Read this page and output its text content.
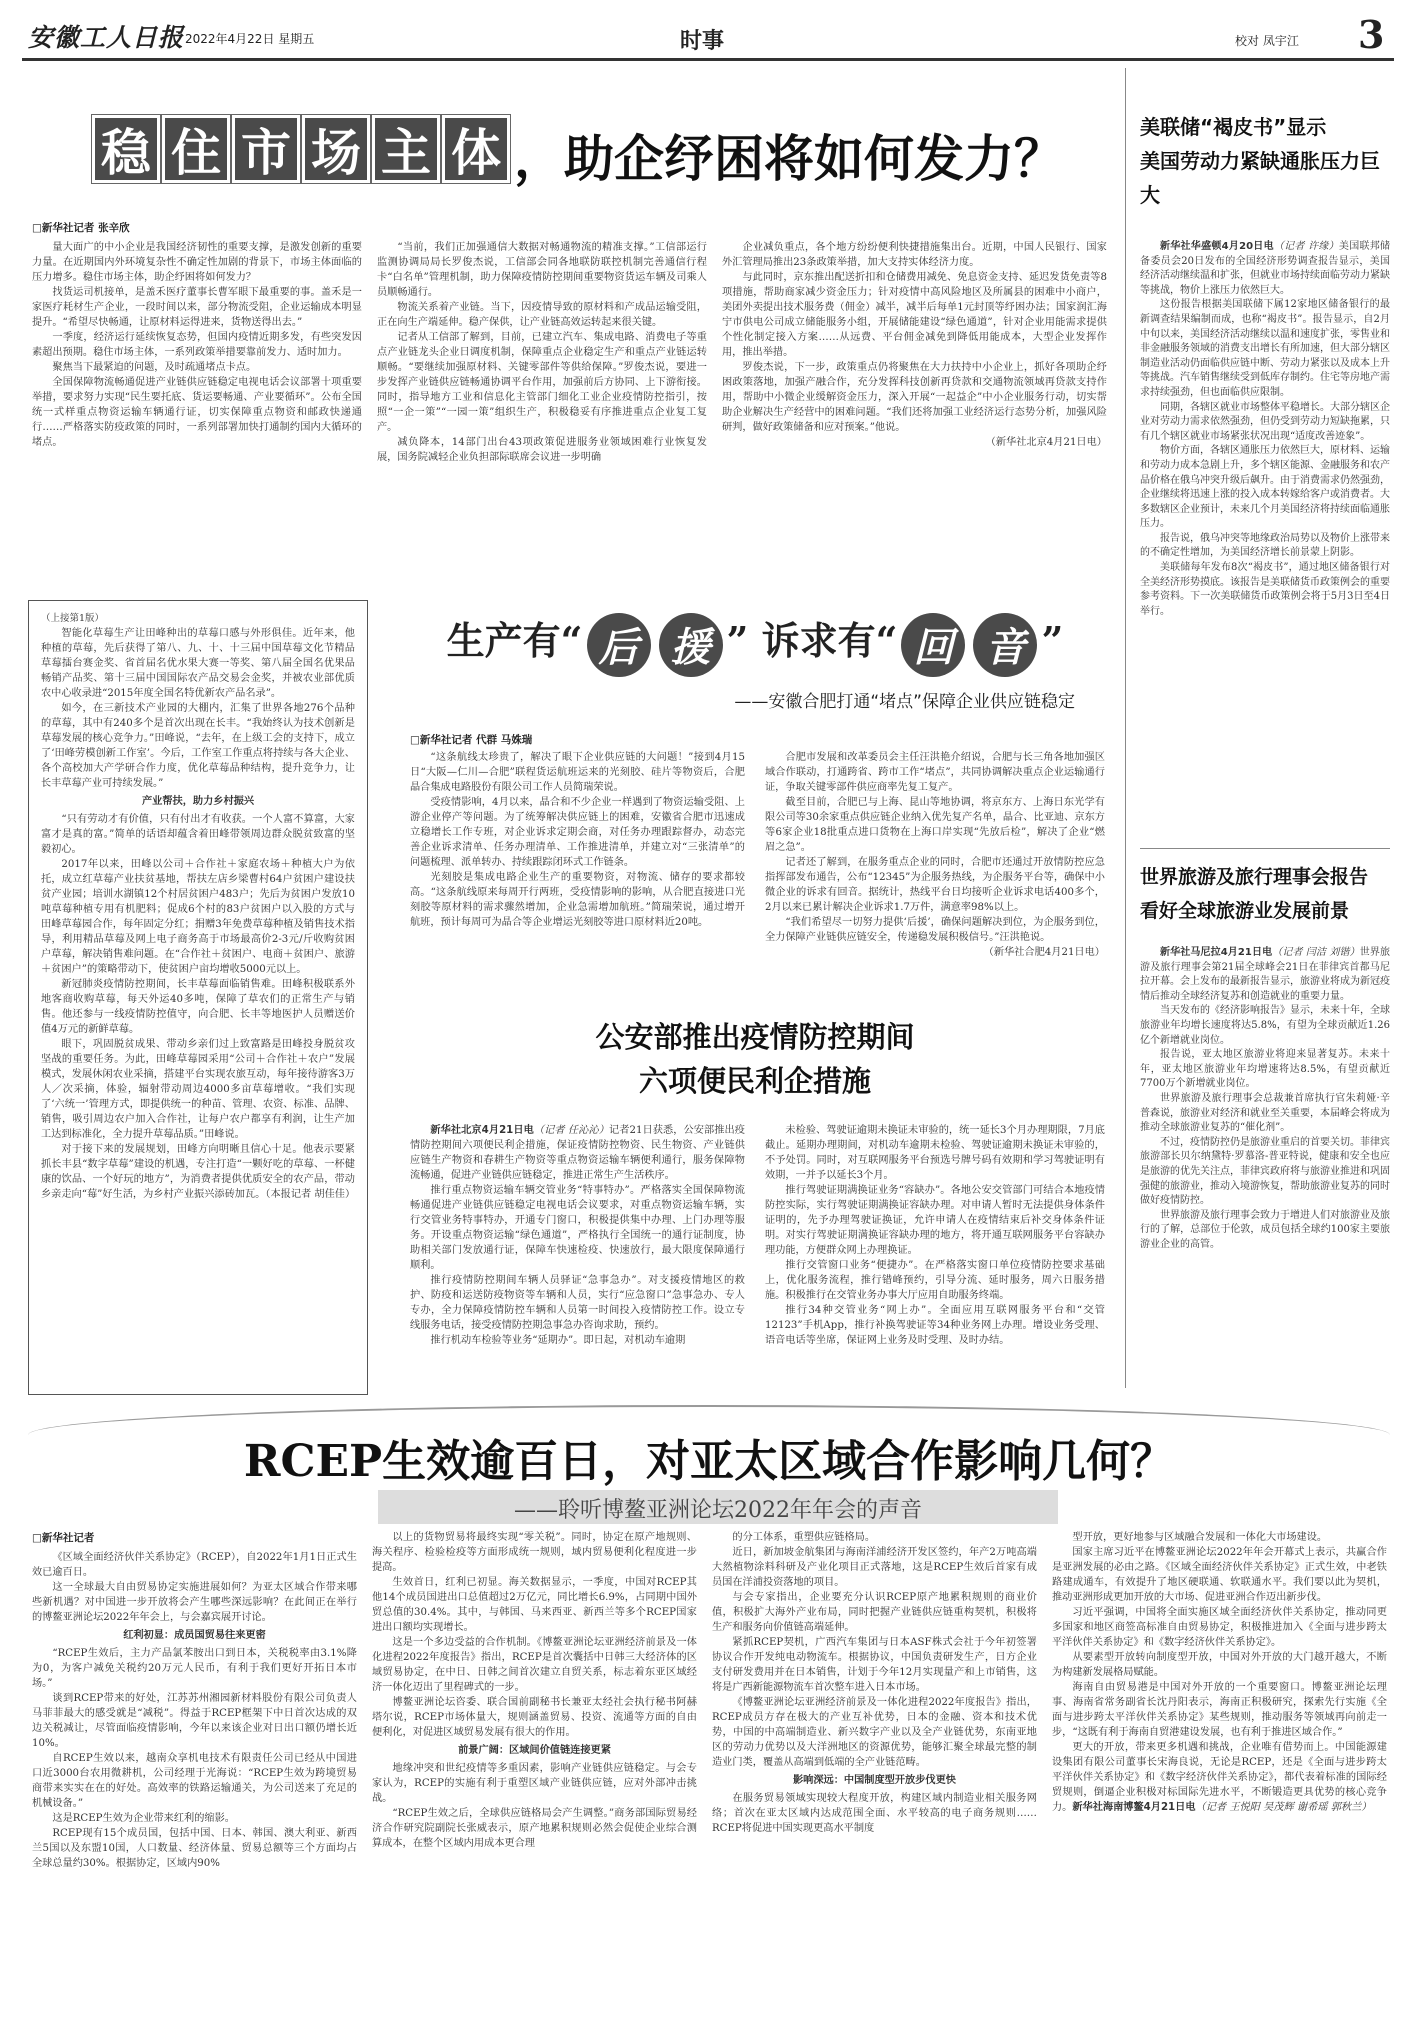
安徽工人日报 2022年4月22日 星期五	时事	校对 凤宇江 3
稳 住 市 场 主 体 ，助企纾困将如何发力？
□新华社记者 张辛欣

量大面广的中小企业是我国经济韧性的重要支撑，是激发创新的重要力量。在近期国内外环境复杂性不确定性加剧的背景下，市场主体面临的压力增多。稳住市场主体，助企纾困将如何发力？

找货运司机接单，是盖禾医疗董事长曹军眼下最重要的事。盖禾是一家医疗耗材生产企业，一段时间以来，部分物流受阻，企业运输成本明显提升。“希望尽快畅通，让原材料运得进来，货物送得出去。”

一季度，经济运行延续恢复态势，但国内疫情近期多发，有些突发因素超出预期。稳住市场主体，一系列政策举措要靠前发力、适时加力。

聚焦当下最紧迫的问题，及时疏通堵点卡点。

全国保障物流畅通促进产业链供应链稳定电视电话会议部署十项重要举措，要求努力实现“民生要托底、货运要畅通、产业要循环”。公布全国统一式样重点物资运输车辆通行证，切实保障重点物资和邮政快递通行……严格落实防疫政策的同时，一系列部署加快打通制约国内大循环的堵点。

“当前，我们正加强通信大数据对畅通物流的精准支撑。”工信部运行监测协调局局长罗俊杰说，工信部会同各地联防联控机制完善通信行程卡“白名单”管理机制，助力保障疫情防控期间重要物资货运车辆及司乘人员顺畅通行。

物流关系着产业链。当下，因疫情导致的原材料和产成品运输受阻，正在向生产端延伸。稳产保供，让产业链高效运转起来很关键。

记者从工信部了解到，目前，已建立汽车、集成电路、消费电子等重点产业链龙头企业日调度机制，保障重点企业稳定生产和重点产业链运转顺畅。“要继续加强原材料、关键零部件等供给保障。”罗俊杰说，要进一步发挥产业链供应链畅通协调平台作用，加强前后方协同、上下游衔接。同时，指导地方工业和信息化主管部门细化工业企业疫情防控指引，按照“一企一策”“一园一策”组织生产，积极稳妥有序推进重点企业复工复产。

减负降本，14部门出台43项政策促进服务业领域困难行业恢复发展，国务院减轻企业负担部际联席会议进一步明确

企业减负重点，各个地方纷纷便利快捷措施集出台。近期，中国人民银行、国家外汇管理局推出23条政策举措，加大支持实体经济力度。

与此同时，京东推出配送折扣和仓储费用减免、免息资金支持、延迟发货免责等8项措施，帮助商家减少资金压力；针对疫情中高风险地区及所属县的困难中小商户，美团外卖提出技术服务费（佣金）减半，减半后每单1元封顶等纾困办法；国家润汇海宁市供电公司成立储能服务小组，开展储能建设“绿色通道”，针对企业用能需求提供个性化制定接入方案……从远费、平台佣金减免到降低用能成本，大型企业发挥作用，推出举措。

罗俊杰说，下一步，政策重点仍将聚焦在大力扶持中小企业上，抓好各项助企纾困政策落地，加强产融合作，充分发挥科技创新再贷款和交通物流领域再贷款支持作用，帮助中小微企业缓解资金压力，深入开展“一起益企”中小企业服务行动，切实帮助企业解决生产经营中的困难问题。“我们还将加强工业经济运行态势分析，加强风险研判，做好政策储备和应对预案。”他说。

（新华社北京4月21日电）

美联储“褐皮书”显示
美国劳动力紧缺通胀压力巨大

新华社华盛顿4月20日电（记者 许缘）美国联邦储备委员会20日发布的全国经济形势调查报告显示，美国经济活动继续温和扩张，但就业市场持续面临劳动力紧缺等挑战，物价上涨压力依然巨大。

这份报告根据美国联储下属12家地区储备银行的最新调查结果编制而成，也称“褐皮书”。报告显示，自2月中旬以来，美国经济活动继续以温和速度扩张，零售业和非金融服务领域的消费支出增长有所加速，但大部分辖区制造业活动仍面临供应链中断、劳动力紧张以及成本上升等挑战。汽车销售继续受到低库存制约。住宅等房地产需求持续强劲，但也面临供应限制。

同期，各辖区就业市场整体平稳增长。大部分辖区企业对劳动力需求依然强劲，但仍受到劳动力短缺拖累，只有几个辖区就业市场紧张状况出现“适度改善迹象”。

物价方面，各辖区通胀压力依然巨大，原材料、运输和劳动力成本急剧上升，多个辖区能源、金融服务和农产品价格在俄乌冲突升级后飙升。由于消费需求仍然强劲，企业继续将迅速上涨的投入成本转嫁给客户或消费者。大多数辖区企业预计，未来几个月美国经济将持续面临通胀压力。

报告说，俄乌冲突等地缘政治局势以及物价上涨带来的不确定性增加，为美国经济增长前景蒙上阴影。

美联储每年发布8次“褐皮书”，通过地区储备银行对全美经济形势摸底。该报告是美联储货币政策例会的重要参考资料。下一次美联储货币政策例会将于5月3日至4日举行。

世界旅游及旅行理事会报告
看好全球旅游业发展前景

新华社马尼拉4月21日电（记者 闫洁 刘锴）世界旅游及旅行理事会第21届全球峰会21日在菲律宾首都马尼拉开幕。会上发布的最新报告显示，旅游业将成为新冠疫情后推动全球经济复苏和创造就业的重要力量。

当天发布的《经济影响报告》显示，未来十年，全球旅游业年均增长速度将达5.8%，有望为全球贡献近1.26亿个新增就业岗位。

报告说，亚太地区旅游业将迎来显著复苏。未来十年，亚太地区旅游业年均增速将达8.5%，有望贡献近7700万个新增就业岗位。

世界旅游及旅行理事会总裁兼首席执行官朱莉娅·辛普森说，旅游业对经济和就业至关重要，本届峰会将成为推动全球旅游业复苏的“催化剂”。

不过，疫情防控仍是旅游业重启的首要关切。菲律宾旅游部长贝尔纳黛特·罗慕洛-普亚特说，健康和安全也应是旅游的优先关注点，菲律宾政府将与旅游业推进和巩固强健的旅游业，推动入境游恢复，帮助旅游业复苏的同时做好疫情防控。

世界旅游及旅行理事会致力于增进人们对旅游业及旅行的了解，总部位于伦敦，成员包括全球约100家主要旅游业企业的高管。

（上接第1版）

智能化草莓生产让田峰种出的草莓口感与外形俱佳。近年来，他种植的草莓，先后获得了第八、九、十、十三届中国草莓文化节精品草莓擂台赛金奖、省首届名优水果大赛一等奖、第八届全国名优果品畅销产品奖、第十三届中国国际农产品交易会金奖，并被农业部优质农中心收录进“2015年度全国名特优新农产品名录”。

如今，在三新技术产业园的大棚内，汇集了世界各地276个品种的草莓，其中有240多个是首次出现在长丰。“我始终认为技术创新是草莓发展的核心竞争力。”田峰说，“去年，在上级工会的支持下，成立了‘田峰劳模创新工作室’。今后，工作室工作重点将持续与各大企业、各个高校加大产学研合作力度，优化草莓品种结构，提升竞争力，让长丰草莓产业可持续发展。”

产业帮扶，助力乡村振兴

“只有劳动才有价值，只有付出才有收获。一个人富不算富，大家富才是真的富。”简单的话语却蕴含着田峰带领周边群众脱贫致富的坚毅初心。

2017年以来，田峰以公司＋合作社＋家庭农场＋种植大户为依托，成立红草莓产业扶贫基地，帮扶左店乡梁曹村64户贫困户建设扶贫产业园；培训水湖镇12个村居贫困户483户；先后为贫困户发放10吨草莓种植专用有机肥料；促成6个村的83户贫困户以入股的方式与田峰草莓园合作，每年固定分红；捐赠3年免费草莓种植及销售技术指导，利用精品草莓及网上电子商务高于市场最高价2-3元/斤收购贫困户草莓，解决销售难问题。在“合作社＋贫困户、电商＋贫困户、旅游＋贫困户”的策略带动下，使贫困户亩均增收5000元以上。

新冠肺炎疫情防控期间，长丰草莓面临销售难。田峰积极联系外地客商收购草莓，每天外运40多吨，保障了草农们的正常生产与销售。他还参与一线疫情防控值守，向合肥、长丰等地医护人员赠送价值4万元的新鲜草莓。

眼下，巩固脱贫成果、带动乡亲们过上致富路是田峰投身脱贫攻坚战的重要任务。为此，田峰草莓园采用“公司＋合作社＋农户”发展模式，发展休闲农业采摘，搭建平台实现农旅互动，每年接待游客3万人／次采摘，体验，辐射带动周边4000多亩草莓增收。“我们实现了‘六统一’管理方式，即提供统一的种苗、管理、农资、标准、品牌、销售，吸引周边农户加入合作社，让每户农户都享有利润，让生产加工达到标准化，全力提升草莓品质。”田峰说。

对于接下来的发展规划，田峰方向明晰且信心十足。他表示要紧抓长丰县“数字草莓”建设的机遇，专注打造“一颗好吃的草莓、一杯健康的饮品、一个好玩的地方”，为消费者提供优质安全的农产品，带动乡亲走向“莓”好生活，为乡村产业振兴添砖加瓦。（本报记者 胡佳佳）

生产有“ 后 援 ” 诉求有“ 回 音 ”
——安徽合肥打通“堵点”保障企业供应链稳定
□新华社记者 代群 马姝瑞

“这条航线太珍贵了，解决了眼下企业供应链的大问题！”接到4月15日“大阪—仁川—合肥”联程货运航班运来的光刻胶、硅片等物资后，合肥晶合集成电路股份有限公司工作人员简瑞荣说。

受疫情影响，4月以来，晶合和不少企业一样遇到了物资运输受阻、上游企业停产等问题。为了统筹解决供应链上的困难，安徽省合肥市迅速成立稳增长工作专班，对企业诉求定期会商，对任务办理跟踪督办，动态完善企业诉求清单、任务办理清单、工作推进清单，并建立对“三张清单”的问题梳理、派单转办、持续跟踪闭环式工作链条。

光刻胶是集成电路企业生产的重要物资，对物流、储存的要求都较高。“这条航线原来每周开行两班，受疫情影响的影响，从合肥直接进口光刻胶等原材料的需求骤然增加，企业急需增加航班。”简瑞荣说，通过增开航班，预计每周可为晶合等企业增运光刻胶等进口原材料近20吨。

合肥市发展和改革委员会主任汪洪艳介绍说，合肥与长三角各地加强区域合作联动，打通跨省、跨市工作“堵点”，共同协调解决重点企业运输通行证，争取关键零部件供应商率先复工复产。

截至目前，合肥已与上海、昆山等地协调，将京东方、上海日东光学有限公司等30余家重点供应链企业纳入优先复产名单，晶合、比亚迪、京东方等6家企业18批重点进口货物在上海口岸实现“先放后检”，解决了企业“燃眉之急”。

记者还了解到，在服务重点企业的同时，合肥市还通过开放情防控应急指挥部发布通告，公布“12345”为企服务热线，为企服务平台等，确保中小微企业的诉求有回音。据统计，热线平台日均接听企业诉求电话400多个，2月以来已累计解决企业诉求1.7万件，满意率98%以上。

“我们希望尽一切努力提供‘后援’，确保问题解决到位，为企服务到位，全力保障产业链供应链安全，传递稳发展积极信号。”汪洪艳说。

（新华社合肥4月21日电）

公安部推出疫情防控期间
六项便民利企措施

新华社北京4月21日电（记者 任沁沁）记者21日获悉，公安部推出疫情防控期间六项便民利企措施，保证疫情防控物资、民生物资、产业链供应链生产物资和春耕生产物资等重点物资运输车辆便利通行，服务保障物流畅通，促进产业链供应链稳定，推进正常生产生活秩序。

推行重点物资运输车辆交管业务“特事特办”。严格落实全国保障物流畅通促进产业链供应链稳定电视电话会议要求，对重点物资运输车辆，实行交管业务特事特办，开通专门窗口，积极提供集中办理、上门办理等服务。开设重点物资运输“绿色通道”，严格执行全国统一的通行证制度，协助相关部门发放通行证，保障车快速检疫、快速放行，最大限度保障通行顺利。

推行疫情防控期间车辆人员驿证“急事急办”。对支援疫情地区的救护、防疫和运送防疫物资等车辆和人员，实行“应急窗口”急事急办、专人专办，全力保障疫情防控车辆和人员第一时间投入疫情防控工作。设立专线服务电话，接受疫情防控期急事急办咨询求助，预约。

推行机动车检验等业务“延期办”。即日起，对机动车逾期

未检验、驾驶证逾期未换证未审验的，统一延长3个月办理期限，7月底截止。延期办理期间，对机动车逾期未检验、驾驶证逾期未换证未审验的，不予处罚。同时，对互联网服务平台预选号牌号码有效期和学习驾驶证明有效期，一并予以延长3个月。

推行驾驶证期满换证业务“容缺办”。各地公安交管部门可结合本地疫情防控实际，实行驾驶证期满换证容缺办理。对申请人暂时无法提供身体条件证明的，先予办理驾驶证换证，允许申请人在疫情结束后补交身体条件证明。对实行驾驶证期满换证容缺办理的地方，将开通互联网服务平台容缺办理功能，方便群众网上办理换证。

推行交管窗口业务“便捷办”。在严格落实窗口单位疫情防控要求基础上，优化服务流程，推行错峰预约，引导分流、延时服务，周六日服务措施。积极推行在交管业务办事大厅应用自助服务终端。

推行34种交管业务“网上办”。全面应用互联网服务平台和“交管12123”手机App，推行补换驾驶证等34种业务网上办理。增设业务受理、语音电话等坐席，保证网上业务及时受理、及时办结。

RCEP生效逾百日，对亚太区域合作影响几何？
——聆听博鳌亚洲论坛2022年年会的声音
□新华社记者

《区域全面经济伙伴关系协定》（RCEP），自2022年1月1日正式生效已逾百日。

这一全球最大自由贸易协定实施进展如何？为亚太区域合作带来哪些新机遇？对中国进一步开放将会产生哪些深远影响？在此间正在举行的博鳌亚洲论坛2022年年会上，与会嘉宾展开讨论。

红利初显：成员国贸易往来更密

“RCEP生效后，主力产品氯苯胺出口到日本，关税税率由3.1%降为0，为客户减免关税约20万元人民币，有利于我们更好开拓日本市场。”

谈到RCEP带来的好处，江苏苏州湘园新材料股份有限公司负责人马菲菲最大的感受就是“减税”。得益于RCEP框架下中日首次达成的双边关税减让，尽管面临疫情影响，今年以来该企业对日出口额仍增长近10%。

自RCEP生效以来，越南众享机电技术有限责任公司已经从中国进口近3000台农用微耕机，公司经理于光海说：“RCEP生效为跨境贸易商带来实实在在的好处。高效率的铁路运输通关，为公司送来了充足的机械设备。”

这是RCEP生效为企业带来红利的缩影。

RCEP现有15个成员国，包括中国、日本、韩国、澳大利亚、新西兰5国以及东盟10国，人口数量、经济体量、贸易总额等三个方面均占全球总量约30%。根据协定，区域内90%

以上的货物贸易将最终实现“零关税”。同时，协定在原产地规则、海关程序、检验检疫等方面形成统一规则，域内贸易便利化程度进一步提高。

生效首日，红利已初显。海关数据显示，一季度，中国对RCEP其他14个成员国进出口总值超过2万亿元，同比增长6.9%，占同期中国外贸总值的30.4%。其中，与韩国、马来西亚、新西兰等多个RCEP国家进出口额均实现增长。

这是一个多边受益的合作机制。《博鳌亚洲论坛亚洲经济前景及一体化进程2022年度报告》指出，RCEP是首次囊括中日韩三大经济体的区域贸易协定，在中日、日韩之间首次建立自贸关系，标志着东亚区域经济一体化迈出了里程碑式的一步。

博鳌亚洲论坛咨委、联合国前副秘书长兼亚太经社会执行秘书阿赫塔尔说，RCEP市场体量大，规则涵盖贸易、投资、流通等方面的自由便利化，对促进区域贸易发展有很大的作用。

前景广阔：区域间价值链连接更紧

地缘冲突和世纪疫情等多重因素，影响产业链供应链稳定。与会专家认为，RCEP的实施有利于重塑区域产业链供应链，应对外部冲击挑战。

“RCEP生效之后，全球供应链格局会产生调整。”商务部国际贸易经济合作研究院副院长张威表示，原产地累积规则必然会促使企业综合测算成本，在整个区域内用成本更合理

的分工体系，重塑供应链格局。

近日，新加坡金航集团与海南洋浦经济开发区签约，年产2万吨高端大然植物涂料科研及产业化项目正式落地，这是RCEP生效后首家有成员国在洋浦投资落地的项目。

与会专家指出，企业要充分认识RCEP原产地累积规则的商业价值，积极扩大海外产业布局，同时把握产业链供应链重构契机，积极将生产和服务向价值链高端延伸。

紧抓RCEP契机，广西汽车集团与日本ASF株式会社于今年初签署协议合作开发纯电动物流车。根据协议，中国负责研发生产，日方企业支付研发费用并在日本销售，计划于今年12月实现量产和上市销售，这将是广西新能源物流车首次整车进入日本市场。

《博鳌亚洲论坛亚洲经济前景及一体化进程2022年度报告》指出，RCEP成员方存在极大的产业互补优势，日本的金融、资本和技术优势，中国的中高端制造业、新兴数字产业以及全产业链优势，东南亚地区的劳动力优势以及大洋洲地区的资源优势，能够汇聚全球最完整的制造业门类，覆盖从高端到低端的全产业链范畴。

影响深远：中国制度型开放步伐更快

在服务贸易领域实现较大程度开放，构建区域内制造业相关服务网络；首次在亚太区域内达成范围全面、水平较高的电子商务规则……RCEP将促进中国实现更高水平制度

型开放，更好地参与区域融合发展和一体化大市场建设。

国家主席习近平在博鳌亚洲论坛2022年年会开幕式上表示，共赢合作是亚洲发展的必由之路。《区域全面经济伙伴关系协定》正式生效，中老铁路建成通车，有效提升了地区硬联通、软联通水平。我们要以此为契机，推动亚洲形成更加开放的大市场、促进亚洲合作迈出新步伐。

习近平强调，中国将全面实施区域全面经济伙伴关系协定，推动同更多国家和地区商签高标准自由贸易协定，积极推进加入《全面与进步跨太平洋伙伴关系协定》和《数字经济伙伴关系协定》。

从要素型开放转向制度型开放，中国对外开放的大门越开越大，不断为构建新发展格局赋能。

海南自由贸易港是中国对外开放的一个重要窗口。博鳌亚洲论坛理事、海南省常务副省长沈丹阳表示，海南正积极研究，探索先行实施《全面与进步跨太平洋伙伴关系协定》某些规则，推动服务等领域再向前走一步，“这既有利于海南自贸港建设发展，也有利于推进区域合作。”

更大的开放，带来更多机遇和挑战，企业唯有借势而上。中国能源建设集团有限公司董事长宋海良说，无论是RCEP，还是《全面与进步跨太平洋伙伴关系协定》和《数字经济伙伴关系协定》，都代表着标准的国际经贸规则，倒逼企业积极对标国际先进水平，不断锻造更具优势的核心竞争力。新华社海南博鳌4月21日电（记者 王悦阳 吴茂辉 谢希瑶 郭秋兰）
